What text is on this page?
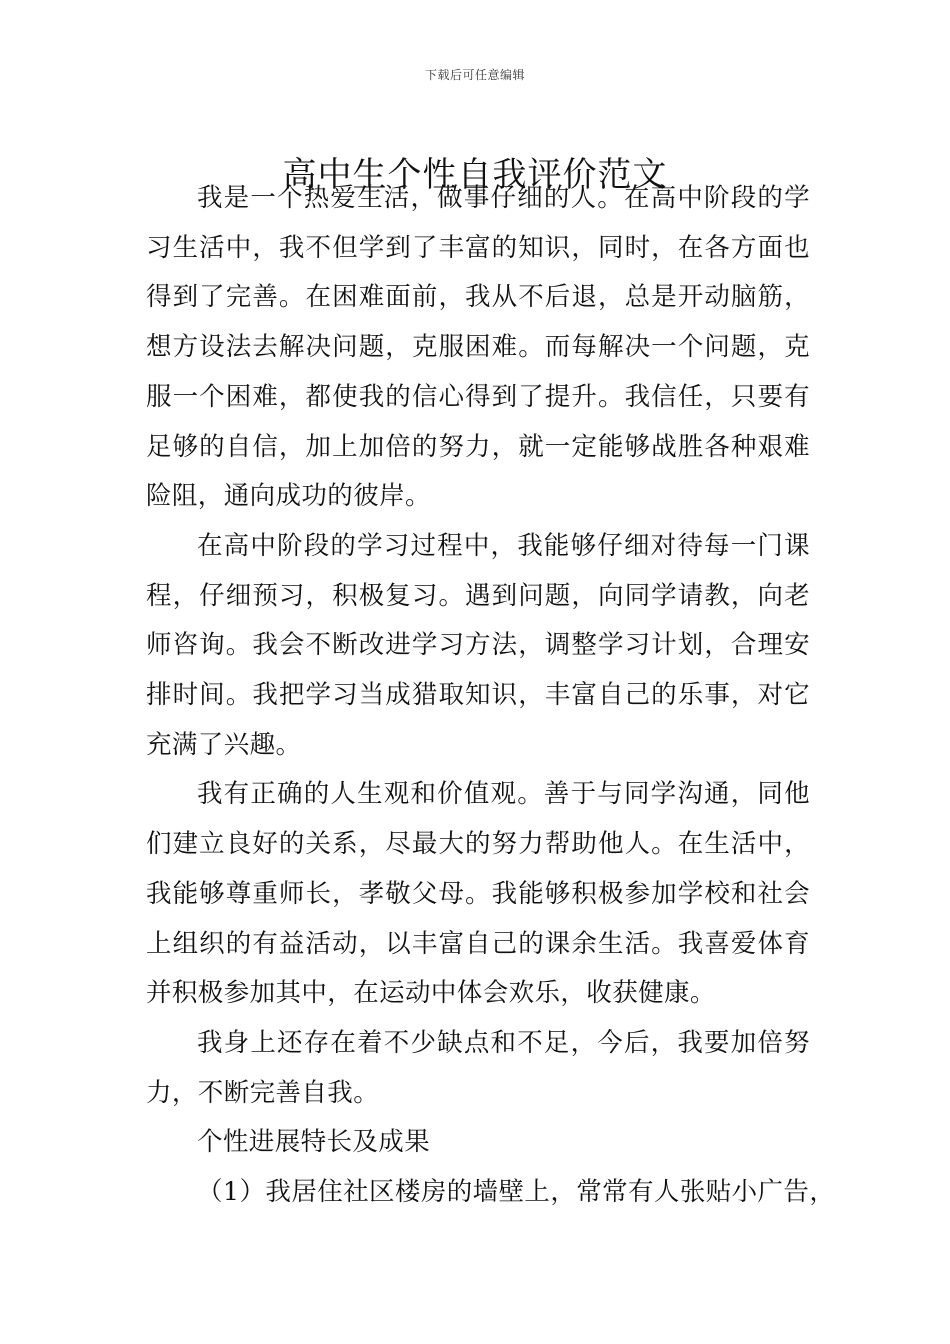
下载后可任意编辑
高中生个性自我评价范文

我是一个热爱生活，做事仔细的人。在高中阶段的学习生活中，我不但学到了丰富的知识，同时，在各方面也得到了完善。在困难面前，我从不后退，总是开动脑筋，想方设法去解决问题，克服困难。而每解决一个问题，克服一个困难，都使我的信心得到了提升。我信任，只要有足够的自信，加上加倍的努力，就一定能够战胜各种艰难险阻，通向成功的彼岸。

在高中阶段的学习过程中，我能够仔细对待每一门课程，仔细预习，积极复习。遇到问题，向同学请教，向老师咨询。我会不断改进学习方法，调整学习计划，合理安排时间。我把学习当成猎取知识，丰富自己的乐事，对它充满了兴趣。

我有正确的人生观和价值观。善于与同学沟通，同他们建立良好的关系，尽最大的努力帮助他人。在生活中，我能够尊重师长，孝敬父母。我能够积极参加学校和社会上组织的有益活动，以丰富自己的课余生活。我喜爱体育并积极参加其中，在运动中体会欢乐，收获健康。

我身上还存在着不少缺点和不足，今后，我要加倍努力，不断完善自我。

个性进展特长及成果

（1）我居住社区楼房的墙壁上，常常有人张贴小广告，
